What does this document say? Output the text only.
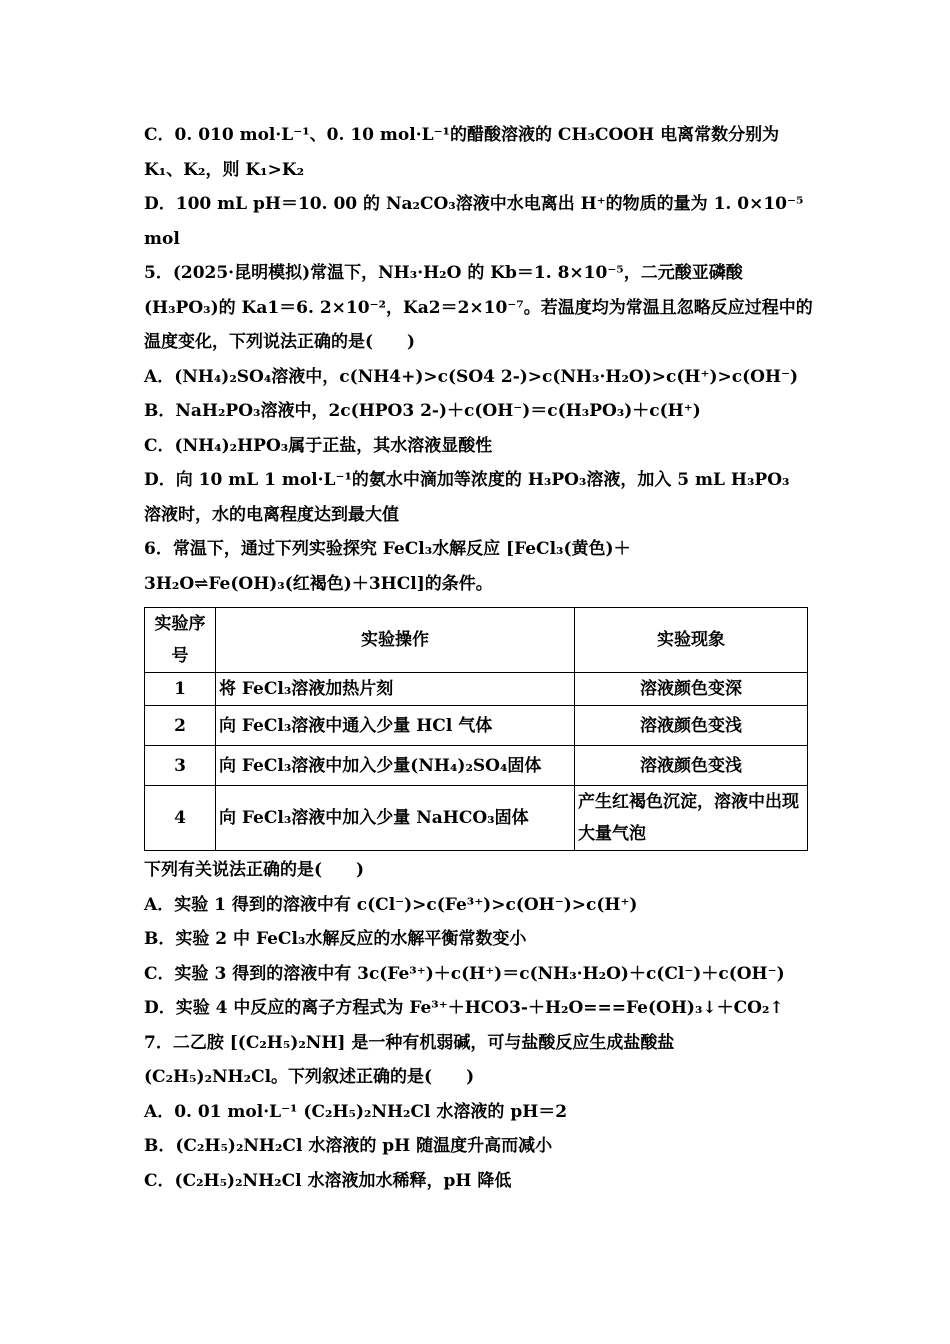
C．0. 010 mol·L⁻¹、0. 10 mol·L⁻¹的醋酸溶液的 CH₃COOH 电离常数分别为
K₁、K₂，则 K₁>K₂
D．100 mL pH＝10. 00 的 Na₂CO₃溶液中水电离出 H⁺的物质的量为 1. 0×10⁻⁵
mol
5．(2025·昆明模拟)常温下，NH₃·H₂O 的 Kb＝1. 8×10⁻⁵，二元酸亚磷酸
(H₃PO₃)的 Ka1＝6. 2×10⁻²，Ka2＝2×10⁻⁷。若温度均为常温且忽略反应过程中的
温度变化，下列说法正确的是(　　)
A．(NH₄)₂SO₄溶液中，c(NH4+)>c(SO4 2-)>c(NH₃·H₂O)>c(H⁺)>c(OH⁻)
B．NaH₂PO₃溶液中，2c(HPO3 2-)＋c(OH⁻)＝c(H₃PO₃)＋c(H⁺)
C．(NH₄)₂HPO₃属于正盐，其水溶液显酸性
D．向 10 mL 1 mol·L⁻¹的氨水中滴加等浓度的 H₃PO₃溶液，加入 5 mL H₃PO₃
溶液时，水的电离程度达到最大值
6．常温下，通过下列实验探究 FeCl₃水解反应 [FeCl₃(黄色)＋
3H₂O⇌Fe(OH)₃(红褐色)＋3HCl]的条件。
实验序号	实验操作	实验现象
1	将 FeCl₃溶液加热片刻	溶液颜色变深
2	向 FeCl₃溶液中通入少量 HCl 气体	溶液颜色变浅
3	向 FeCl₃溶液中加入少量(NH₄)₂SO₄固体	溶液颜色变浅
4	向 FeCl₃溶液中加入少量 NaHCO₃固体	产生红褐色沉淀，溶液中出现大量气泡
下列有关说法正确的是(　　)
A．实验 1 得到的溶液中有 c(Cl⁻)>c(Fe³⁺)>c(OH⁻)>c(H⁺)
B．实验 2 中 FeCl₃水解反应的水解平衡常数变小
C．实验 3 得到的溶液中有 3c(Fe³⁺)＋c(H⁺)＝c(NH₃·H₂O)＋c(Cl⁻)＋c(OH⁻)
D．实验 4 中反应的离子方程式为 Fe³⁺＋HCO3-＋H₂O===Fe(OH)₃↓＋CO₂↑
7．二乙胺 [(C₂H₅)₂NH] 是一种有机弱碱，可与盐酸反应生成盐酸盐
(C₂H₅)₂NH₂Cl。下列叙述正确的是(　　)
A．0. 01 mol·L⁻¹ (C₂H₅)₂NH₂Cl 水溶液的 pH＝2
B．(C₂H₅)₂NH₂Cl 水溶液的 pH 随温度升高而减小
C．(C₂H₅)₂NH₂Cl 水溶液加水稀释，pH 降低
